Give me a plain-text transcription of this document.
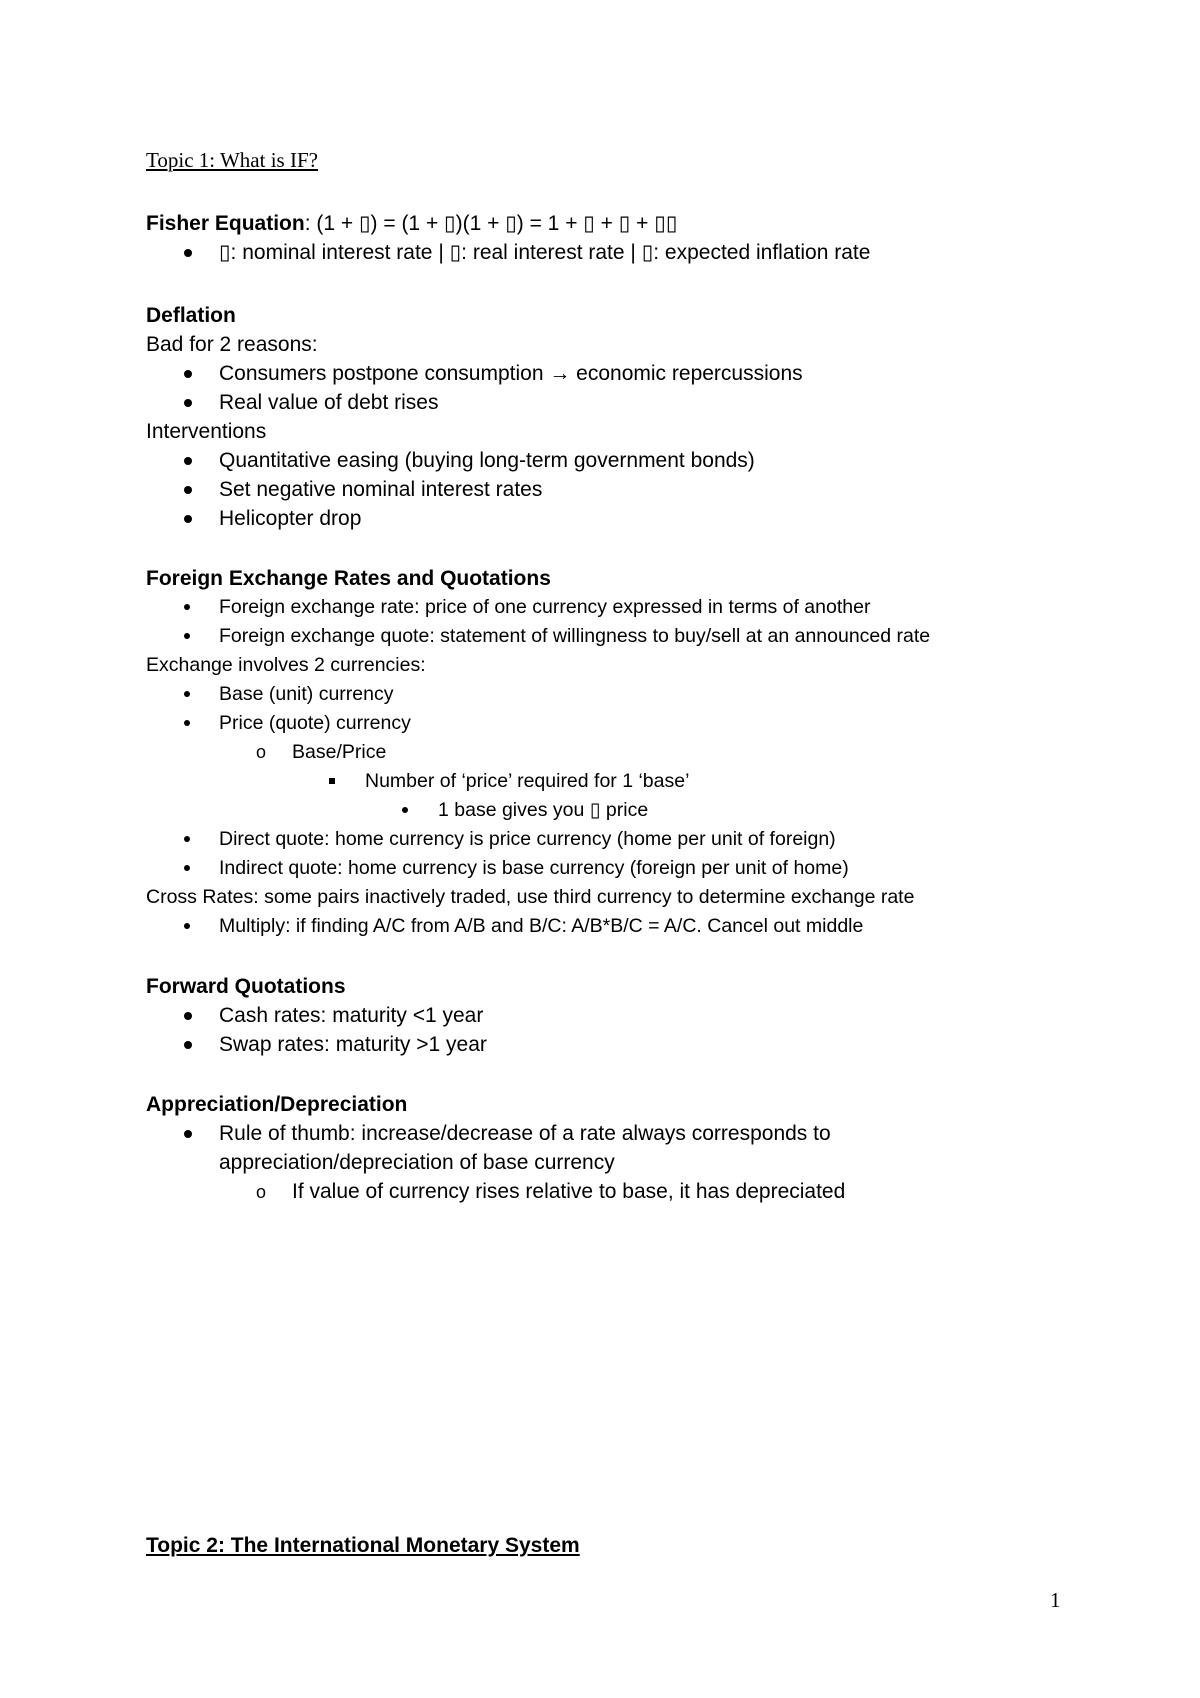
Topic 1: What is IF?
Fisher Equation: (1 + ▯) = (1 + ▯)(1 + ▯) = 1 + ▯ + ▯ + ▯▯
▯: nominal interest rate | ▯: real interest rate | ▯: expected inflation rate
Deflation
Bad for 2 reasons:
Consumers postpone consumption → economic repercussions
Real value of debt rises
Interventions
Quantitative easing (buying long-term government bonds)
Set negative nominal interest rates
Helicopter drop
Foreign Exchange Rates and Quotations
Foreign exchange rate: price of one currency expressed in terms of another
Foreign exchange quote: statement of willingness to buy/sell at an announced rate
Exchange involves 2 currencies:
Base (unit) currency
Price (quote) currency
o	Base/Price
Number of ‘price’ required for 1 ‘base’
1 base gives you ▯ price
Direct quote: home currency is price currency (home per unit of foreign)
Indirect quote: home currency is base currency (foreign per unit of home)
Cross Rates: some pairs inactively traded, use third currency to determine exchange rate
Multiply: if finding A/C from A/B and B/C: A/B*B/C = A/C. Cancel out middle
Forward Quotations
Cash rates: maturity <1 year
Swap rates: maturity >1 year
Appreciation/Depreciation
Rule of thumb: increase/decrease of a rate always corresponds to appreciation/depreciation of base currency
o	If value of currency rises relative to base, it has depreciated
Topic 2: The International Monetary System
1
